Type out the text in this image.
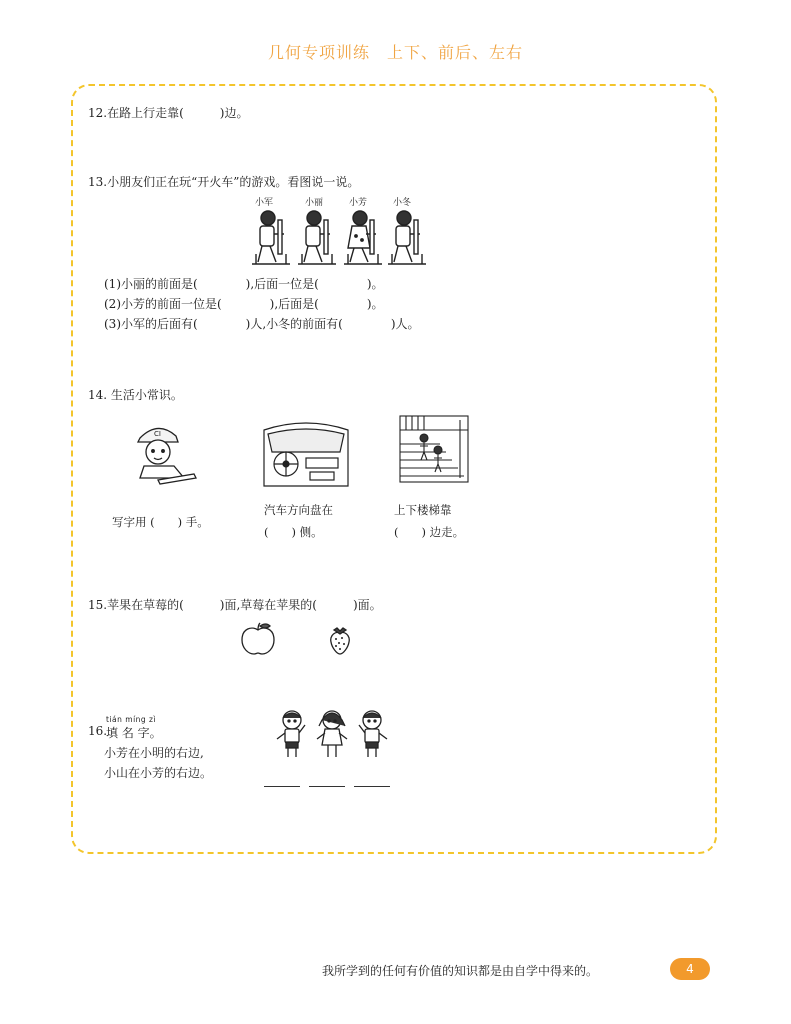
几何专项训练　上下、前后、左右
12.在路上行走靠(　　　)边。
13.小朋友们正在玩“开火车”的游戏。看图说一说。
小军	小丽	小芳	小冬
(1)小丽的前面是(　　　　),后面一位是(　　　　)。
(2)小芳的前面一位是(　　　　),后面是(　　　　)。
(3)小军的后面有(　　　　)人,小冬的前面有(　　　　)人。
14. 生活小常识。
CI
写字用 (　　) 手。
汽车方向盘在
(　　) 侧。
上下楼梯靠
(　　) 边走。
15.苹果在草莓的(　　　)面,草莓在苹果的(　　　)面。
tián míng zì
16.
填 名 字。
小芳在小明的右边,
小山在小芳的右边。
我所学到的任何有价值的知识都是由自学中得来的。	4
